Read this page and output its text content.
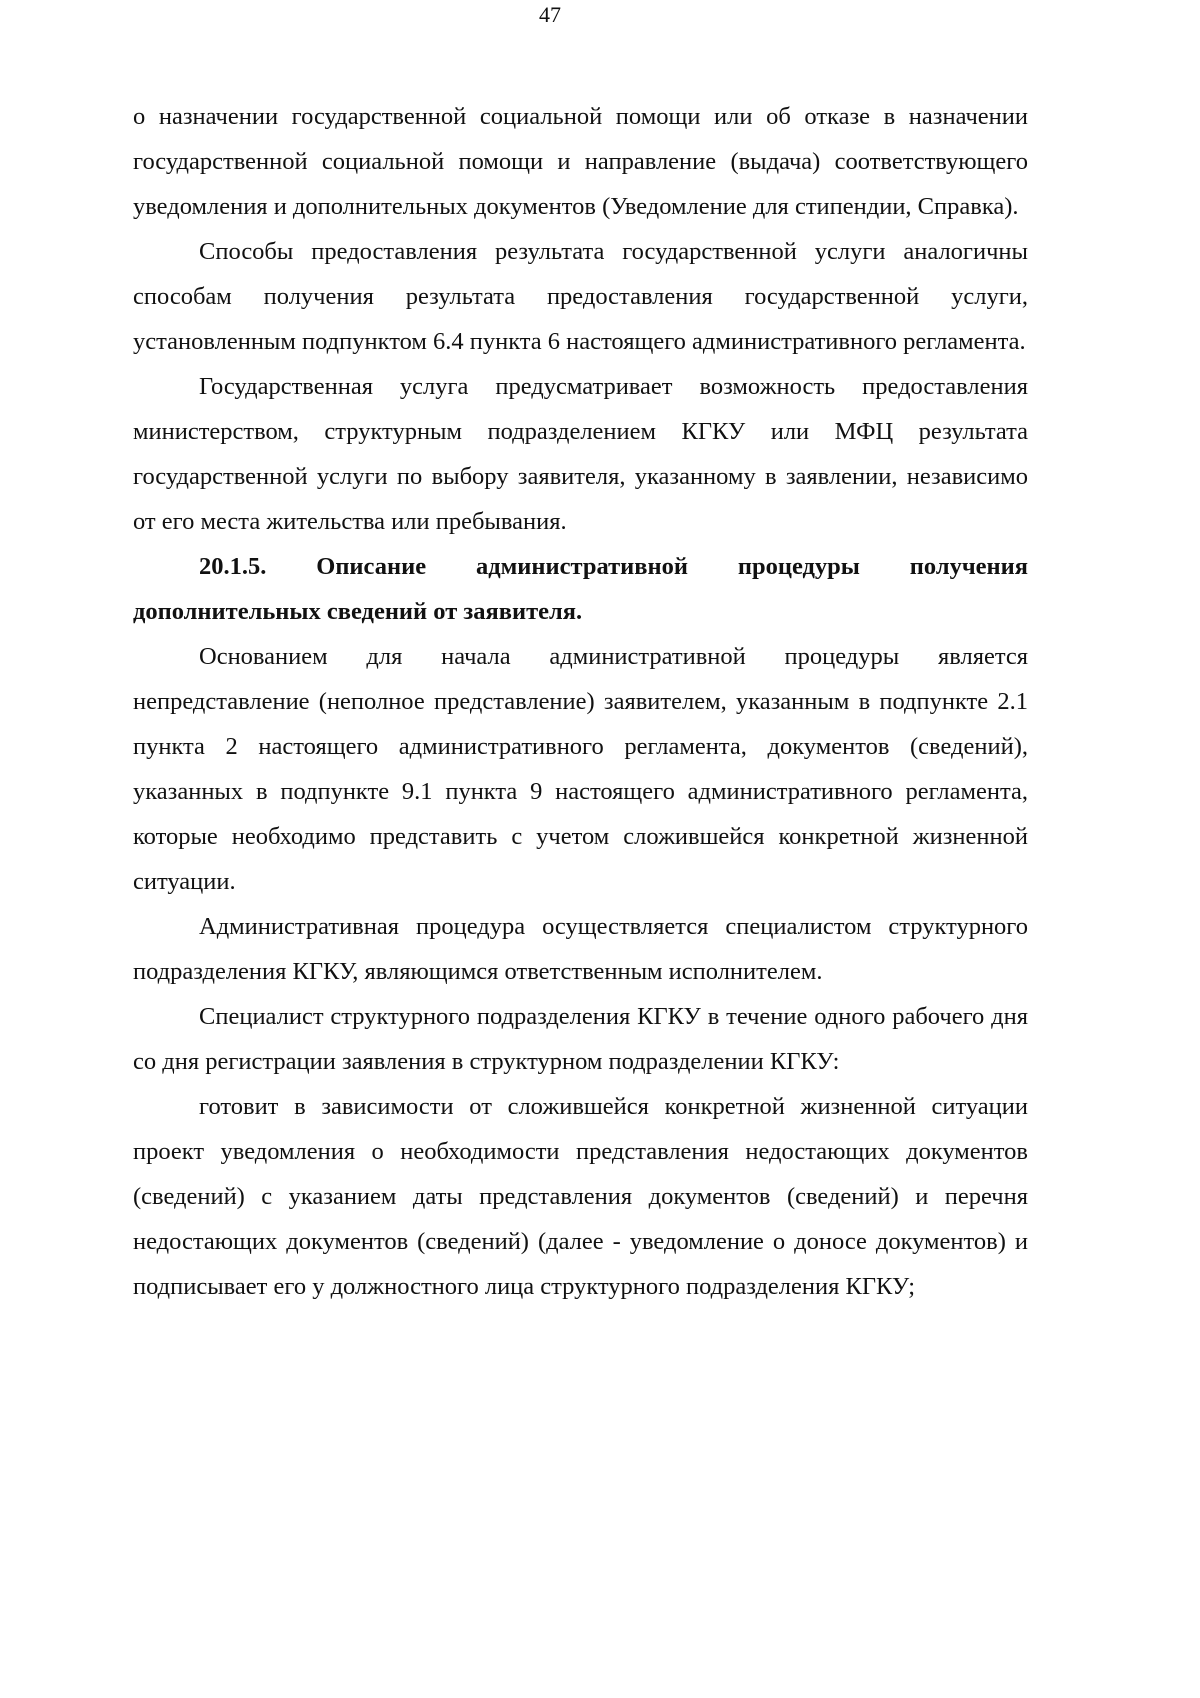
47

о назначении государственной социальной помощи или об отказе в назначении государственной социальной помощи и направление (выдача) соответствующего уведомления и дополнительных документов (Уведомление для стипендии, Справка).

Способы предоставления результата государственной услуги аналогичны способам получения результата предоставления государственной услуги, установленным подпунктом 6.4 пункта 6 настоящего административного регламента.

Государственная услуга предусматривает возможность предоставления министерством, структурным подразделением КГКУ или МФЦ результата государственной услуги по выбору заявителя, указанному в заявлении, независимо от его места жительства или пребывания.

20.1.5. Описание административной процедуры получения дополнительных сведений от заявителя.

Основанием для начала административной процедуры является непредставление (неполное представление) заявителем, указанным в подпункте 2.1 пункта 2 настоящего административного регламента, документов (сведений), указанных в подпункте 9.1 пункта 9 настоящего административного регламента, которые необходимо представить с учетом сложившейся конкретной жизненной ситуации.

Административная процедура осуществляется специалистом структурного подразделения КГКУ, являющимся ответственным исполнителем.

Специалист структурного подразделения КГКУ в течение одного рабочего дня со дня регистрации заявления в структурном подразделении КГКУ:

готовит в зависимости от сложившейся конкретной жизненной ситуации проект уведомления о необходимости представления недостающих документов (сведений) с указанием даты представления документов (сведений) и перечня недостающих документов (сведений) (далее - уведомление о доносе документов) и подписывает его у должностного лица структурного подразделения КГКУ;
